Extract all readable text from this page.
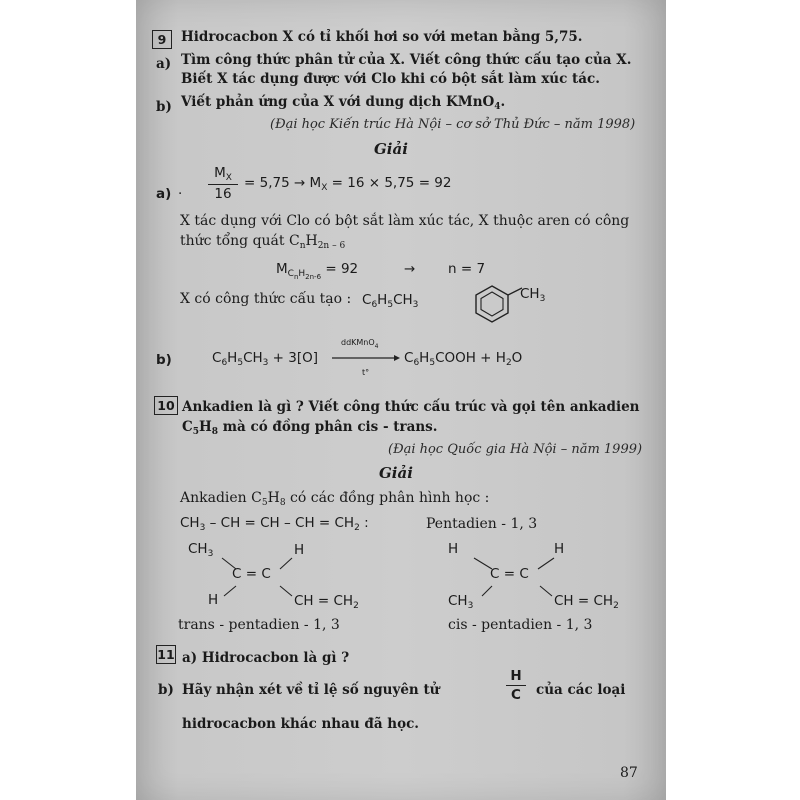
9	Hidrocacbon X có tỉ khối hơi so với metan bằng 5,75.
a) Tìm công thức phân tử của X. Viết công thức cấu tạo của X.
Biết X tác dụng được với Clo khi có bột sắt làm xúc tác.
b) Viết phản ứng của X với dung dịch KMnO$_4$.
(Đại học Kiến trúc Hà Nội – cơ sở Thủ Đức – năm 1998)
Giải
a) .
$M_X$
16
= $5,75 \to M_X = 16 \times 5,75 = 92$
X tác dụng với Clo có bột sắt làm xúc tác, X thuộc aren có công
thức tổng quát $C_nH_{2n - 6}$
$M_{C_nH_{2n-6}} = 92$	→ n = 7
X có công thức cấu tạo : $C_6H_5CH_3$
$CH_3$
b)	$C_6H_5CH_3 + 3[O]$
ddKMnO$_4$
t°
$C_6H_5COOH + H_2O$
10 Ankadien là gì ? Viết công thức cấu trúc và gọi tên ankadien
$C_5H_8$ mà có đồng phân cis - trans.
(Đại học Quốc gia Hà Nội – năm 1999)
Giải
Ankadien $C_5H_8$ có các đồng phân hình học :
$CH_3$ – CH = CH – CH = $CH_2$ :	Pentadien - 1, 3
$CH_3$	H
C = C
H	CH = $CH_2$
trans - pentadien - 1, 3
H	H
C = C
$CH_3$	CH = $CH_2$
cis - pentadien - 1, 3
11 a) Hidrocacbon là gì ?
b) Hãy nhận xét về tỉ lệ số nguyên tử
H
C	của các loại
hidrocacbon khác nhau đã học.
87
